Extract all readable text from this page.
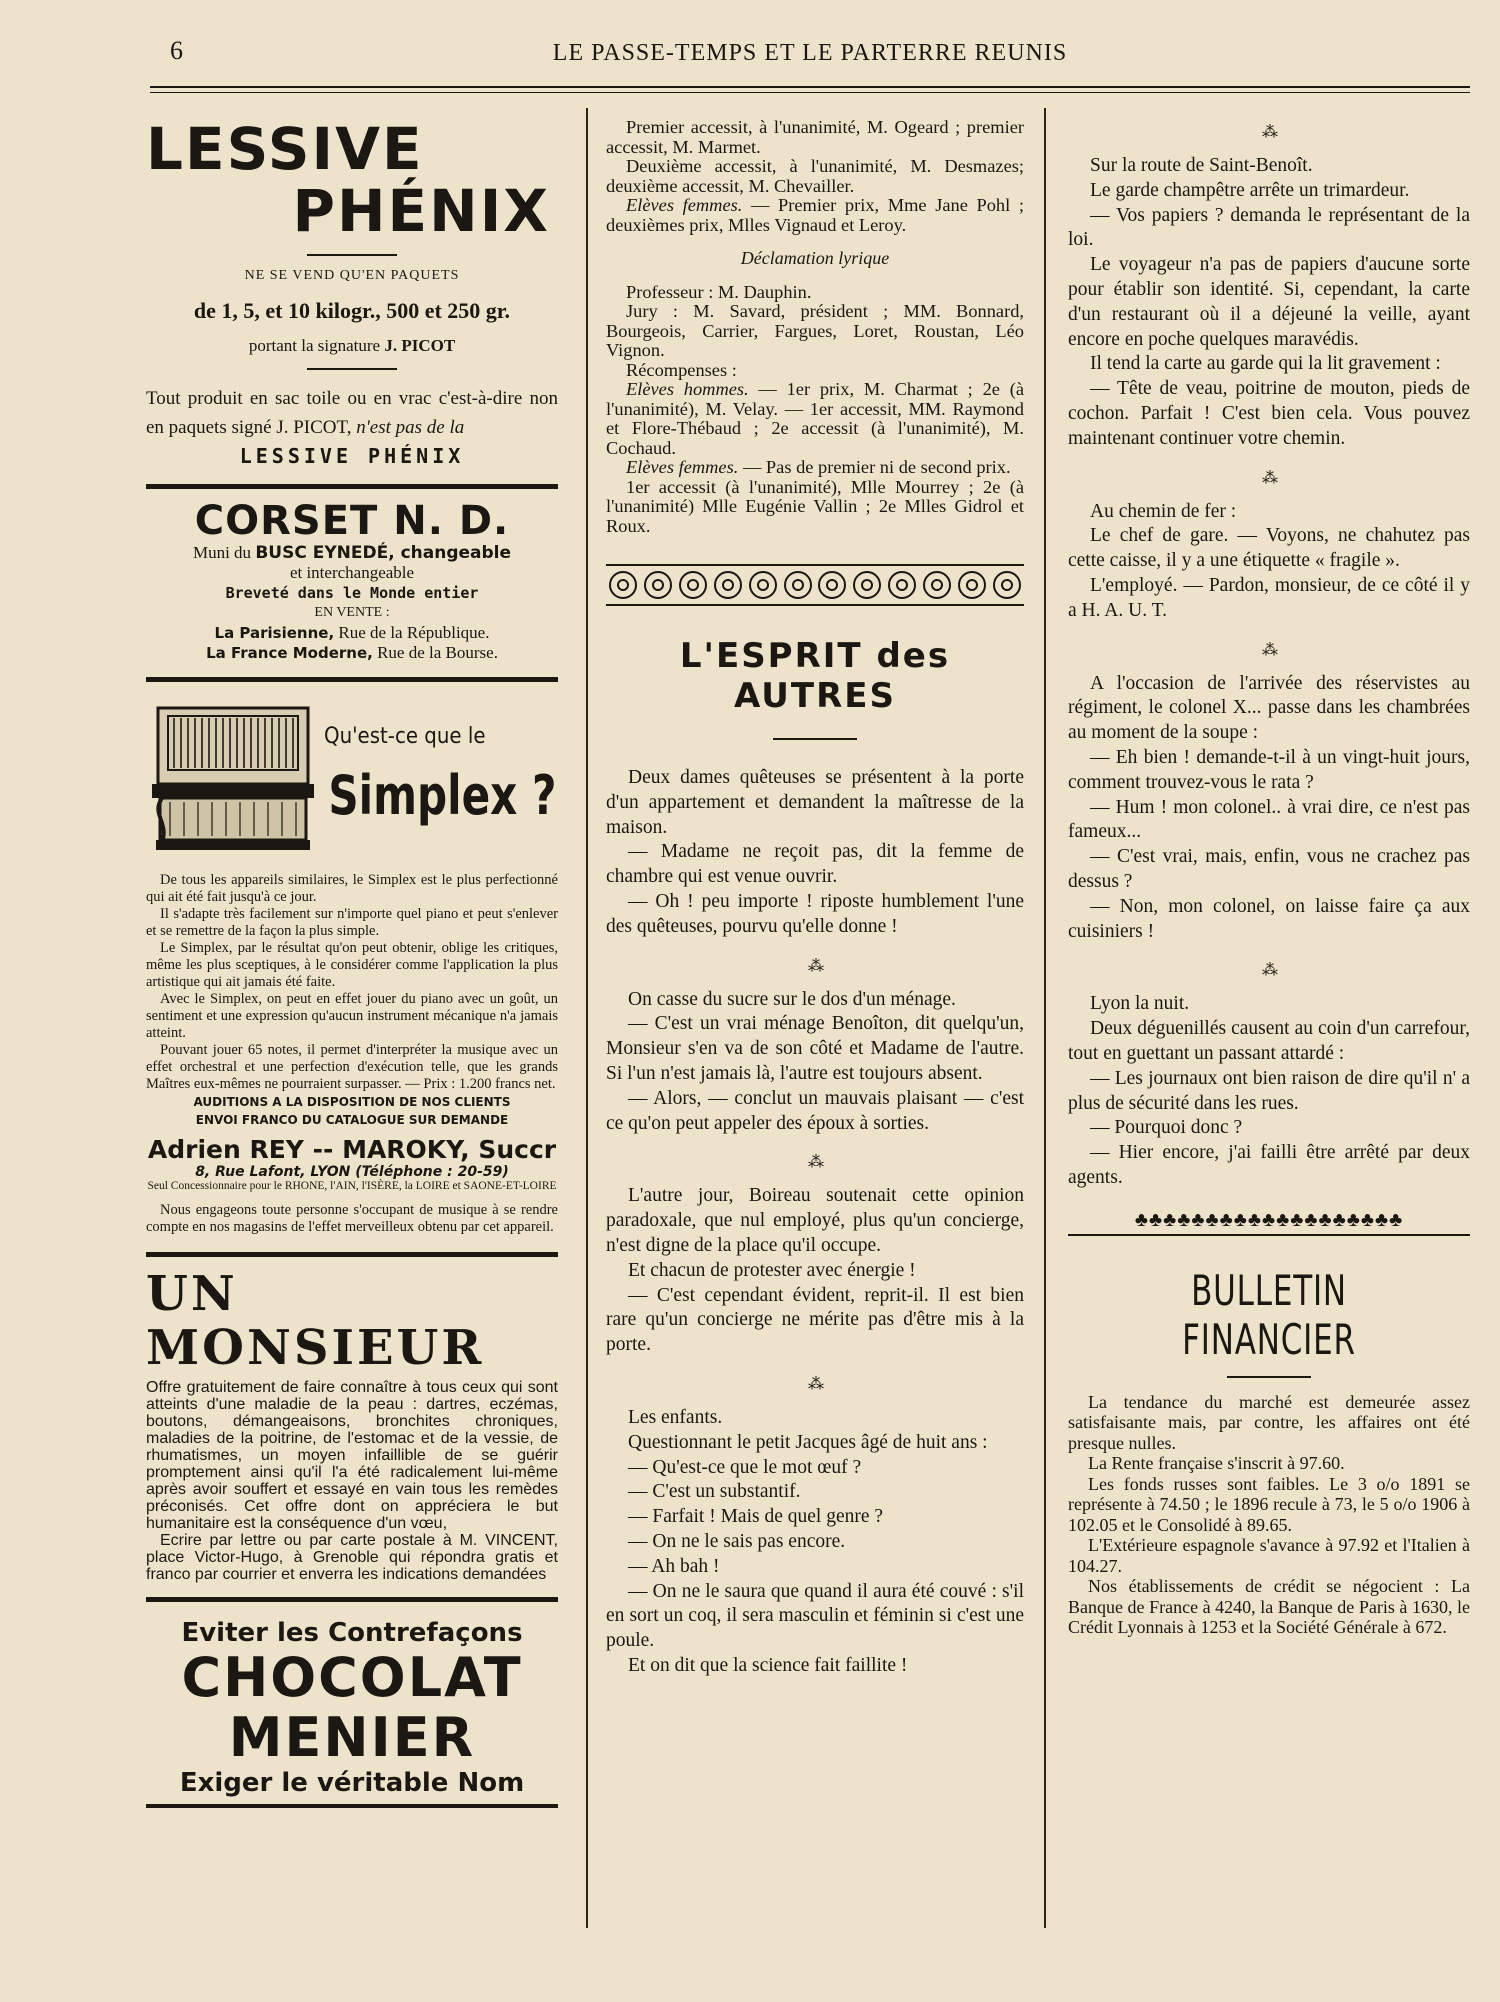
6	LE PASSE-TEMPS ET LE PARTERRE REUNIS
LESSIVE
PHÉNIX
NE SE VEND QU'EN PAQUETS
de 1, 5, et 10 kilogr., 500 et 250 gr.
portant la signature J. PICOT
Tout produit en sac toile ou en vrac c'est-à-dire non en paquets signé J. PICOT, n'est pas de la
LESSIVE PHÉNIX
CORSET N. D.
Muni du BUSC EYNEDÉ, changeable
et interchangeable
Breveté dans le Monde entier
EN VENTE :
La Parisienne, Rue de la République.
La France Moderne, Rue de la Bourse.
Qu'est-ce que le
Simplex ?

De tous les appareils similaires, le Simplex est le plus perfectionné qui ait été fait jusqu'à ce jour.

Il s'adapte très facilement sur n'importe quel piano et peut s'enlever et se remettre de la façon la plus simple.

Le Simplex, par le résultat qu'on peut obtenir, oblige les critiques, même les plus sceptiques, à le considérer comme l'application la plus artistique qui ait jamais été faite.

Avec le Simplex, on peut en effet jouer du piano avec un goût, un sentiment et une expression qu'aucun instrument mécanique n'a jamais atteint.

Pouvant jouer 65 notes, il permet d'interpréter la musique avec un effet orchestral et une perfection d'exécution telle, que les grands Maîtres eux-mêmes ne pourraient surpasser. — Prix : 1.200 francs net.

AUDITIONS A LA DISPOSITION DE NOS CLIENTS
ENVOI FRANCO DU CATALOGUE SUR DEMANDE
Adrien REY -- MAROKY, Succr
8, Rue Lafont, LYON (Téléphone : 20-59)
Seul Concessionnaire pour le RHONE, l'AIN, l'ISÈRE, la LOIRE et SAONE-ET-LOIRE

Nous engageons toute personne s'occupant de musique à se rendre compte en nos magasins de l'effet merveilleux obtenu par cet appareil.

UN MONSIEUR
Offre gratuitement de faire connaître à tous ceux qui sont atteints d'une maladie de la peau : dartres, eczémas, boutons, démangeaisons, bronchites chroniques, maladies de la poitrine, de l'estomac et de la vessie, de rhumatismes, un moyen infaillible de se guérir promptement ainsi qu'il l'a été radicalement lui-même après avoir souffert et essayé en vain tous les remèdes préconisés. Cet offre dont on appréciera le but humanitaire est la conséquence d'un vœu,
Ecrire par lettre ou par carte postale à M. VINCENT, place Victor-Hugo, à Grenoble qui répondra gratis et franco par courrier et enverra les indications demandées
Eviter les Contrefaçons
CHOCOLAT
MENIER
Exiger le véritable Nom

Premier accessit, à l'unanimité, M. Ogeard ; premier accessit, M. Marmet.

Deuxième accessit, à l'unanimité, M. Desmazes; deuxième accessit, M. Chevailler.

Elèves femmes. — Premier prix, Mme Jane Pohl ; deuxièmes prix, Mlles Vignaud et Leroy.

Déclamation lyrique

Professeur : M. Dauphin.

Jury : M. Savard, président ; MM. Bonnard, Bourgeois, Carrier, Fargues, Loret, Roustan, Léo Vignon.

Récompenses :

Elèves hommes. — 1er prix, M. Charmat ; 2e (à l'unanimité), M. Velay. — 1er accessit, MM. Raymond et Flore-Thébaud ; 2e accessit (à l'unanimité), M. Cochaud.

Elèves femmes. — Pas de premier ni de second prix.

1er accessit (à l'unanimité), Mlle Mourrey ; 2e (à l'unanimité) Mlle Eugénie Vallin ; 2e Mlles Gidrol et Roux.

L'ESPRIT des AUTRES

Deux dames quêteuses se présentent à la porte d'un appartement et demandent la maîtresse de la maison.

— Madame ne reçoit pas, dit la femme de chambre qui est venue ouvrir.

— Oh ! peu importe ! riposte humblement l'une des quêteuses, pourvu qu'elle donne !

⁂

On casse du sucre sur le dos d'un ménage.

— C'est un vrai ménage Benoîton, dit quelqu'un, Monsieur s'en va de son côté et Madame de l'autre. Si l'un n'est jamais là, l'autre est toujours absent.

— Alors, — conclut un mauvais plaisant — c'est ce qu'on peut appeler des époux à sorties.

⁂

L'autre jour, Boireau soutenait cette opinion paradoxale, que nul employé, plus qu'un concierge, n'est digne de la place qu'il occupe.

Et chacun de protester avec énergie !

— C'est cependant évident, reprit-il. Il est bien rare qu'un concierge ne mérite pas d'être mis à la porte.

⁂

Les enfants.

Questionnant le petit Jacques âgé de huit ans :

— Qu'est-ce que le mot œuf ?

— C'est un substantif.

— Farfait ! Mais de quel genre ?

— On ne le sais pas encore.

— Ah bah !

— On ne le saura que quand il aura été couvé : s'il en sort un coq, il sera masculin et féminin si c'est une poule.

Et on dit que la science fait faillite !

⁂

Sur la route de Saint-Benoît.

Le garde champêtre arrête un trimardeur.

— Vos papiers ? demanda le représentant de la loi.

Le voyageur n'a pas de papiers d'aucune sorte pour établir son identité. Si, cependant, la carte d'un restaurant où il a déjeuné la veille, ayant encore en poche quelques maravédis.

Il tend la carte au garde qui la lit gravement :

— Tête de veau, poitrine de mouton, pieds de cochon. Parfait ! C'est bien cela. Vous pouvez maintenant continuer votre chemin.

⁂

Au chemin de fer :

Le chef de gare. — Voyons, ne chahutez pas cette caisse, il y a une étiquette « fragile ».

L'employé. — Pardon, monsieur, de ce côté il y a H. A. U. T.

⁂

A l'occasion de l'arrivée des réservistes au régiment, le colonel X... passe dans les chambrées au moment de la soupe :

— Eh bien ! demande-t-il à un vingt-huit jours, comment trouvez-vous le rata ?

— Hum ! mon colonel.. à vrai dire, ce n'est pas fameux...

— C'est vrai, mais, enfin, vous ne crachez pas dessus ?

— Non, mon colonel, on laisse faire ça aux cuisiniers !

⁂

Lyon la nuit.

Deux déguenillés causent au coin d'un carrefour, tout en guettant un passant attardé :

— Les journaux ont bien raison de dire qu'il n' a plus de sécurité dans les rues.

— Pourquoi donc ?

— Hier encore, j'ai failli être arrêté par deux agents.

♣♣♣♣♣♣♣♣♣♣♣♣♣♣♣♣♣♣♣
BULLETIN FINANCIER

La tendance du marché est demeurée assez satisfaisante mais, par contre, les affaires ont été presque nulles.

La Rente française s'inscrit à 97.60.

Les fonds russes sont faibles. Le 3 o/o 1891 se représente à 74.50 ; le 1896 recule à 73, le 5 o/o 1906 à 102.05 et le Consolidé à 89.65.

L'Extérieure espagnole s'avance à 97.92 et l'Italien à 104.27.

Nos établissements de crédit se négocient : La Banque de France à 4240, la Banque de Paris à 1630, le Crédit Lyonnais à 1253 et la Société Générale à 672.
